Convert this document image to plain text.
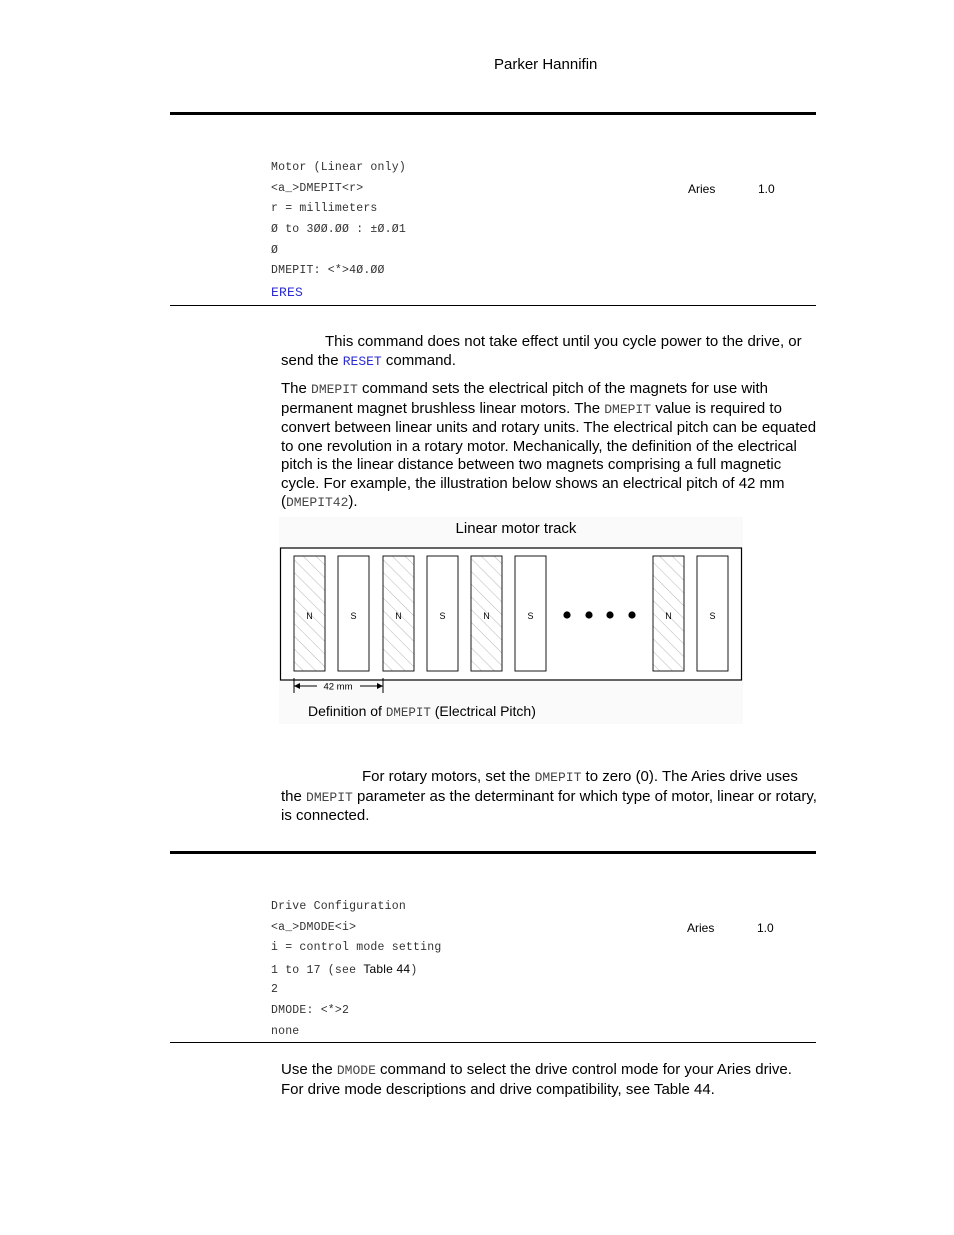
Parker Hannifin
Motor (Linear only)
<a_>DMEPIT<r>
r = millimeters
Ø to 3ØØ.ØØ : ±Ø.Ø1
Ø
DMEPIT: <*>4Ø.ØØ
ERES
Aries	1.0
This command does not take effect until you cycle power to the drive, or send the RESET command.
The DMEPIT command sets the electrical pitch of the magnets for use with permanent magnet brushless linear motors. The DMEPIT value is required to convert between linear units and rotary units. The electrical pitch can be equated to one revolution in a rotary motor. Mechanically, the definition of the electrical pitch is the linear distance between two magnets comprising a full magnetic cycle. For example, the illustration below shows an electrical pitch of 42 mm (DMEPIT42).
Linear motor track
N	S	N	S	N	S	N	S
42 mm
Definition of DMEPIT (Electrical Pitch)
For rotary motors, set the DMEPIT to zero (0). The Aries drive uses the DMEPIT parameter as the determinant for which type of motor, linear or rotary, is connected.
Drive Configuration
<a_>DMODE<i>
i = control mode setting
1 to 17 (see Table 44)
2
DMODE: <*>2
none
Aries	1.0
Use the DMODE command to select the drive control mode for your Aries drive. For drive mode descriptions and drive compatibility, see Table 44.
